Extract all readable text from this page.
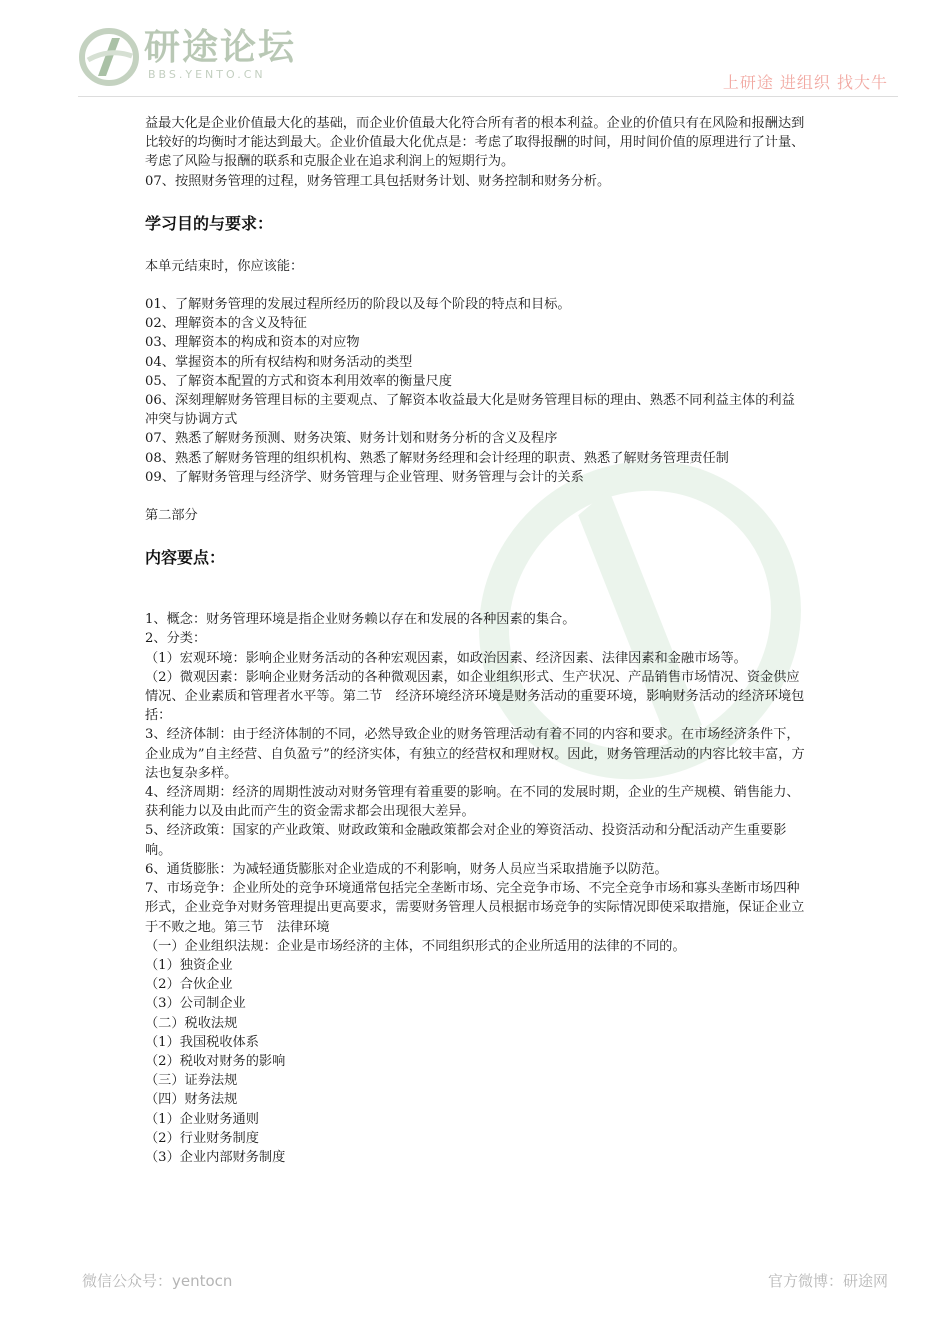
研途论坛
BBS.YENTO.CN	上研途 进组织 找大牛

益最大化是企业价值最大化的基础，而企业价值最大化符合所有者的根本利益。企业的价值只有在风险和报酬达到比较好的均衡时才能达到最大。企业价值最大化优点是：考虑了取得报酬的时间，用时间价值的原理进行了计量、

考虑了风险与报酬的联系和克服企业在追求利润上的短期行为。

07、按照财务管理的过程，财务管理工具包括财务计划、财务控制和财务分析。

学习目的与要求：

本单元结束时，你应该能：

01、了解财务管理的发展过程所经历的阶段以及每个阶段的特点和目标。

02、理解资本的含义及特征

03、理解资本的构成和资本的对应物

04、掌握资本的所有权结构和财务活动的类型

05、了解资本配置的方式和资本利用效率的衡量尺度

06、深刻理解财务管理目标的主要观点、了解资本收益最大化是财务管理目标的理由、熟悉不同利益主体的利益冲突与协调方式

07、熟悉了解财务预测、财务决策、财务计划和财务分析的含义及程序

08、熟悉了解财务管理的组织机构、熟悉了解财务经理和会计经理的职责、熟悉了解财务管理责任制

09、了解财务管理与经济学、财务管理与企业管理、财务管理与会计的关系

第二部分

内容要点：

1、概念：财务管理环境是指企业财务赖以存在和发展的各种因素的集合。

2、分类：

（1）宏观环境：影响企业财务活动的各种宏观因素，如政治因素、经济因素、法律因素和金融市场等。

（2）微观因素：影响企业财务活动的各种微观因素，如企业组织形式、生产状况、产品销售市场情况、资金供应情况、企业素质和管理者水平等。第二节　经济环境经济环境是财务活动的重要环境，影响财务活动的经济环境包括：

3、经济体制：由于经济体制的不同，必然导致企业的财务管理活动有着不同的内容和要求。在市场经济条件下，企业成为”自主经营、自负盈亏”的经济实体，有独立的经营权和理财权。因此，财务管理活动的内容比较丰富，方法也复杂多样。

4、经济周期：经济的周期性波动对财务管理有着重要的影响。在不同的发展时期，企业的生产规模、销售能力、获利能力以及由此而产生的资金需求都会出现很大差异。

5、经济政策：国家的产业政策、财政政策和金融政策都会对企业的筹资活动、投资活动和分配活动产生重要影响。

6、通货膨胀：为减轻通货膨胀对企业造成的不利影响，财务人员应当采取措施予以防范。

7、市场竞争：企业所处的竞争环境通常包括完全垄断市场、完全竞争市场、不完全竞争市场和寡头垄断市场四种形式，企业竞争对财务管理提出更高要求，需要财务管理人员根据市场竞争的实际情况即使采取措施，保证企业立于不败之地。第三节　法律环境

（一）企业组织法规：企业是市场经济的主体，不同组织形式的企业所适用的法律的不同的。

（1）独资企业

（2）合伙企业

（3）公司制企业

（二）税收法规

（1）我国税收体系

（2）税收对财务的影响

（三）证券法规

（四）财务法规

（1）企业财务通则

（2）行业财务制度

（3）企业内部财务制度

微信公众号：yentocn	官方微博：研途网
